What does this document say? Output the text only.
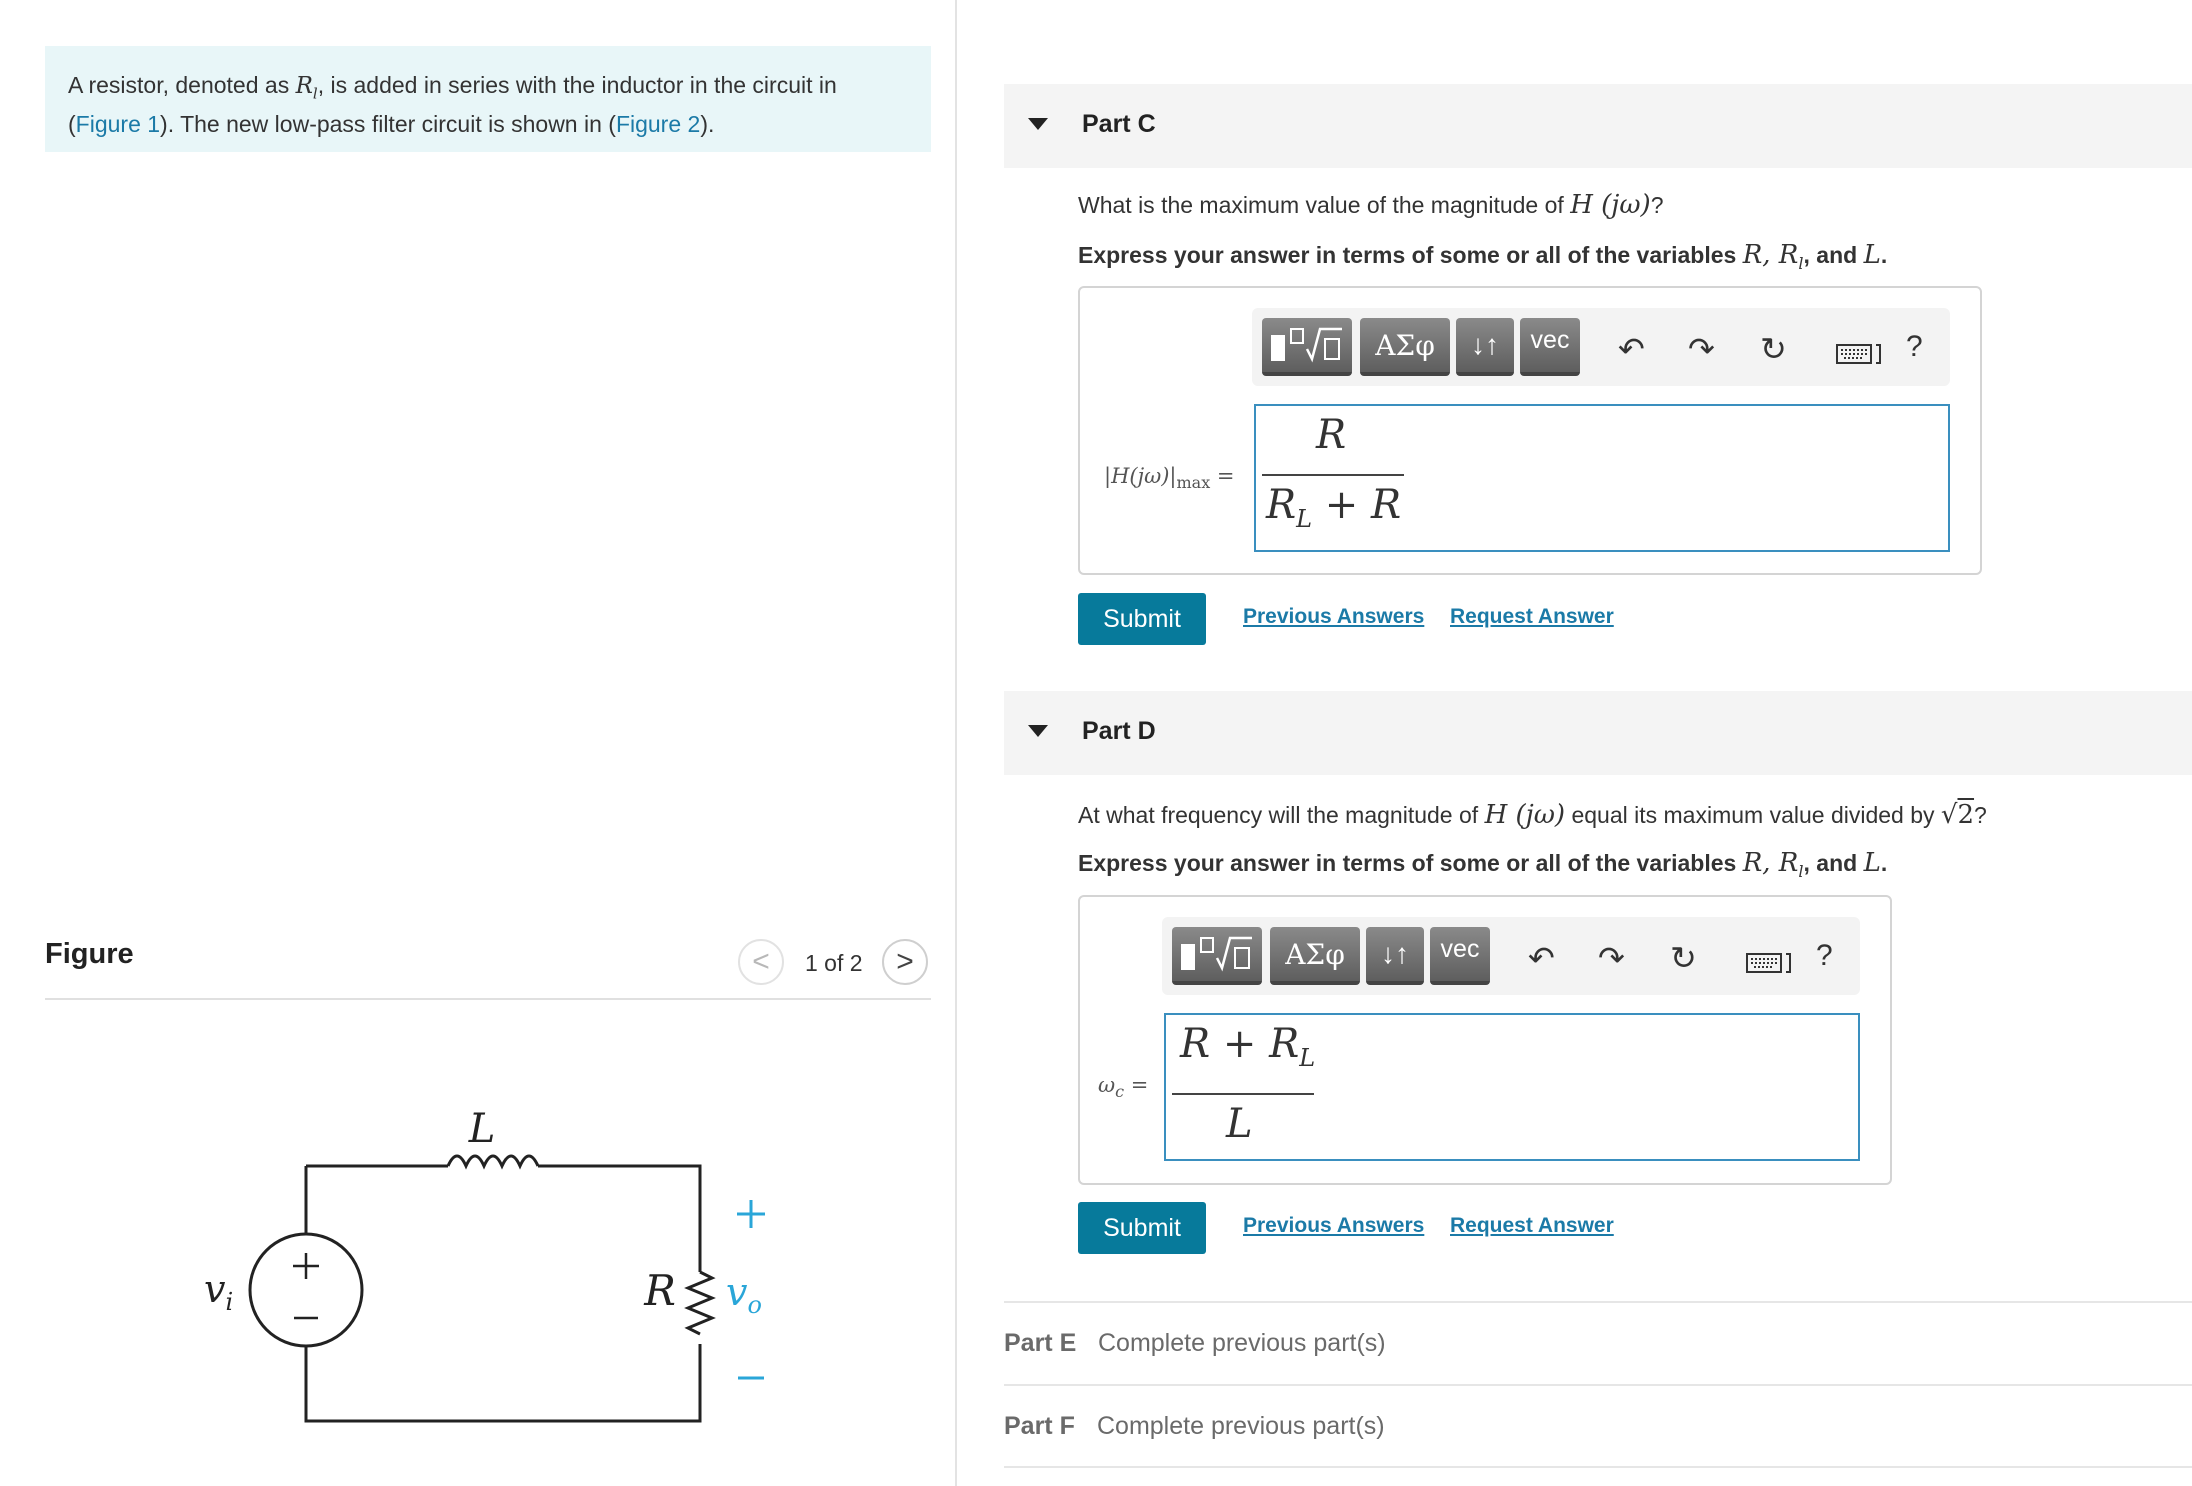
A resistor, denoted as $R_l$, is added in series with the inductor in the circuit in (Figure 1). The new low-pass filter circuit is shown in (Figure 2).
Figure	<	1 of 2	>
L
R
$v_i$	$v_o$
Part C
What is the maximum value of the magnitude of H (jω)?
Express your answer in terms of some or all of the variables R, $R_l$, and L.
ΑΣφ	↓↑	vec	↶ ↷ ↻	?
$|H(j\omega)|_{max}$ =
R
$R_L + R$
Submit	Previous Answers Request Answer
Part D
At what frequency will the magnitude of H (jω) equal its maximum value divided by √2?
Express your answer in terms of some or all of the variables R, $R_l$, and L.
ΑΣφ	↓↑	vec	↶ ↷ ↻	?
$\omega_c$ =
$R + R_L$
L
Submit	Previous Answers Request Answer
Part E Complete previous part(s)
Part F Complete previous part(s)
